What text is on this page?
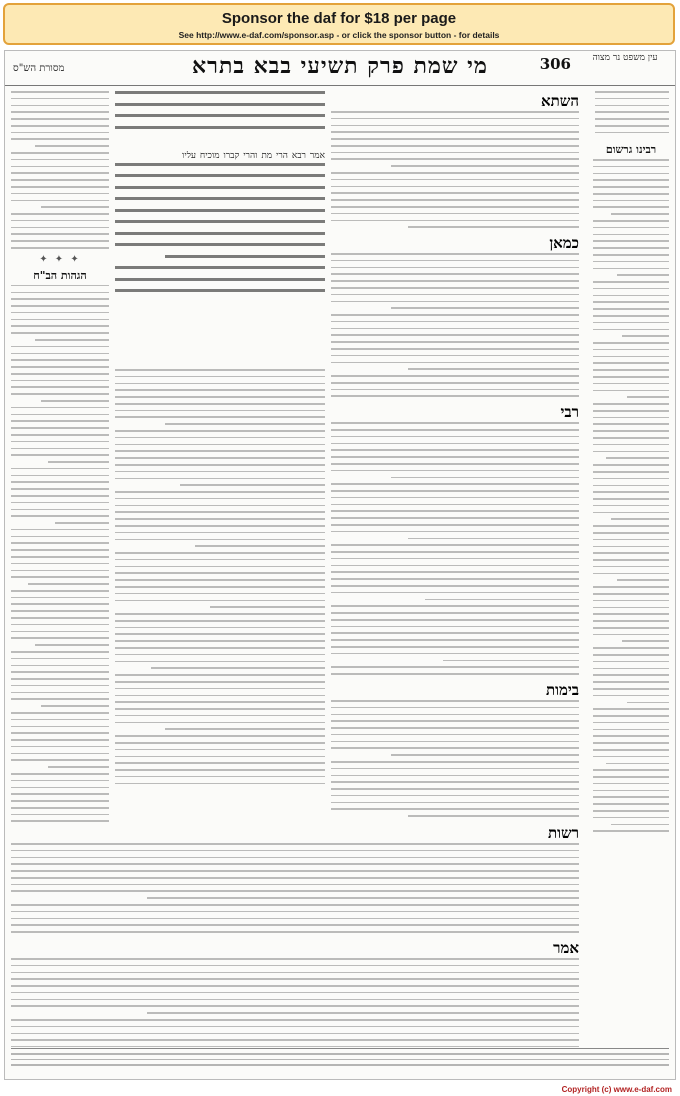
Sponsor the daf for $18 per page
See http://www.e-daf.com/sponsor.asp - or click the sponsor button - for details
עין משפט נר מצוה
306
מי שמת פרק תשיעי בבא בתרא
מסורת הש"ס
רבינו גרשום
השתא
כמאן
רבי
בימות
אמר רבא הרי מת והרי קברו מוכיח עליו
✦ ✦ ✦
הגהות הב"ח
רשות
אמר
Copyright (c) www.e-daf.com
